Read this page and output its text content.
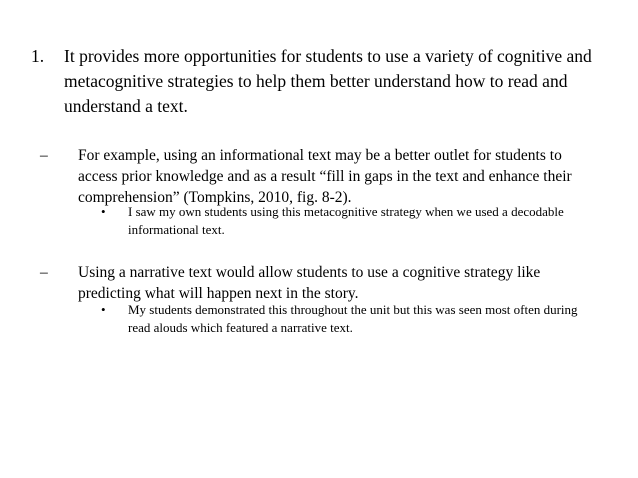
1. It provides more opportunities for students to use a variety of cognitive and metacognitive strategies to help them better understand how to read and understand a text.
– For example, using an informational text may be a better outlet for students to access prior knowledge and as a result “fill in gaps in the text and enhance their comprehension” (Tompkins, 2010, fig. 8-2).
• I saw my own students using this metacognitive strategy when we used a decodable informational text.
– Using a narrative text would allow students to use a cognitive strategy like predicting what will happen next in the story.
• My students demonstrated this throughout the unit but this was seen most often during read alouds which featured a narrative text.
